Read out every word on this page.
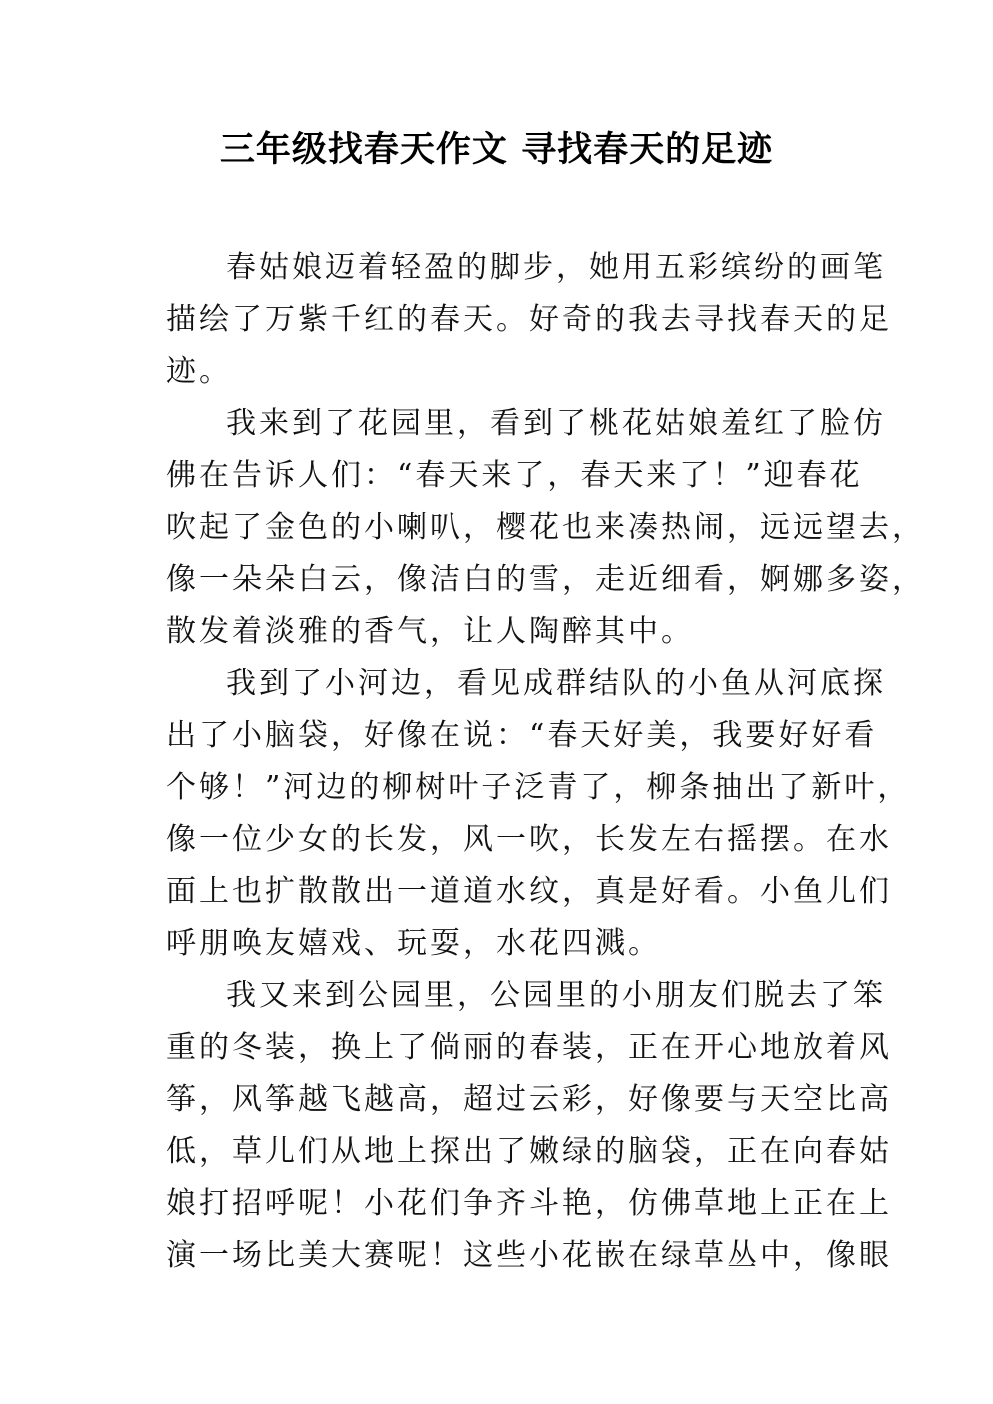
三年级找春天作文 寻找春天的足迹
春姑娘迈着轻盈的脚步，她用五彩缤纷的画笔
描绘了万紫千红的春天。好奇的我去寻找春天的足
迹。
我来到了花园里，看到了桃花姑娘羞红了脸仿
佛在告诉人们：“春天来了，春天来了！”迎春花
吹起了金色的小喇叭，樱花也来凑热闹，远远望去，
像一朵朵白云，像洁白的雪，走近细看，婀娜多姿，
散发着淡雅的香气，让人陶醉其中。
我到了小河边，看见成群结队的小鱼从河底探
出了小脑袋，好像在说：“春天好美，我要好好看
个够！”河边的柳树叶子泛青了，柳条抽出了新叶，
像一位少女的长发，风一吹，长发左右摇摆。在水
面上也扩散散出一道道水纹，真是好看。小鱼儿们
呼朋唤友嬉戏、玩耍，水花四溅。
我又来到公园里，公园里的小朋友们脱去了笨
重的冬装，换上了倘丽的春装，正在开心地放着风
筝，风筝越飞越高，超过云彩，好像要与天空比高
低，草儿们从地上探出了嫩绿的脑袋，正在向春姑
娘打招呼呢！小花们争齐斗艳，仿佛草地上正在上
演一场比美大赛呢！这些小花嵌在绿草丛中，像眼
